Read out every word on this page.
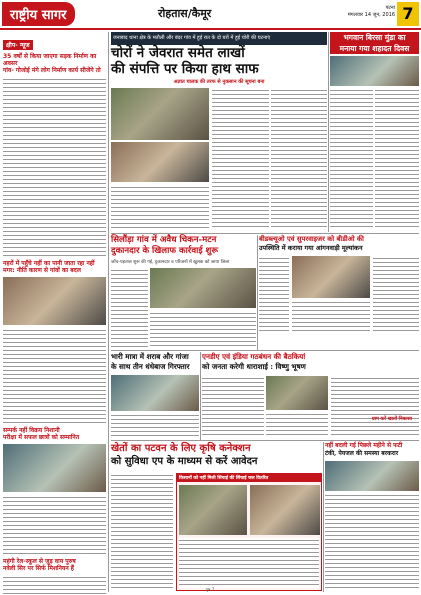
राष्ट्रीय सागर	रोहतास/कैमूर	पटना
मंगलवार 14 जून, 2016 7
क्षीप- न्यूज
35 वर्षों से किया जाएगा सड़क निर्माण का अवसर
गांव- गोजोई मंगे लोग निर्माण कार्य सीजेंगे तो
नहरों में पहुँचे नहीं का पानी जाता रहा नहीं
मगर: नीति कारण से गांवों का बदल
सम्पर्क नहीं विक्रय निशानी
परीक्षा में सफल छात्रों को सम्मानित
महंगी रेल-स्कूल से जुड़ वाय पुरुष
नवेली सिर पर सिर्फ मिशनियन हैं
जनाबाद थाना क्षेत्र के मतौली और बंदर गांव में हुई रात के दो घरों में हुई चोरी की घटनाएं
चोरों ने जेवरात समेत लाखों
की संपत्ति पर किया हाथ साफ
अज्ञात चालक की तरफ से नुकसान की सूचना बना
भगवान बिरसा मुंडा का
मनाया गया शहादत दिवस
सिलौंड़ा गांव में अवैध चिकन-मटन
दुकानदार के खिलाफ कार्रवाई शुरू
जाँच-पड़ताल शुरू की गई, दुकानदार व परिजनों में खुलक को जाया जिला
बीडब्ल्यूओ एवं सुपरवाइजर को बीडीओ की
उपस्थिति में कराया गया आंगनवाड़ी मूल्यांकन
भारी मात्रा में शराब और गांजा
के साथ तीन धंधेबाज गिरफ्तार
एनडीए एवं इंडिया गठबंधन की बैठकियां
को जनता करेगी धाराशाई : विष्णु भूषण
खेतों का पटवन के लिए कृषि कनेक्शन
को सुविधा एप के माध्यम से करें आवेदन
किसानों को नहीं मिली सिंचाई की सिंचाई जल वितरित
नहीं बदली गई पिछले महीने से फटी
टंकी, पेयजल की समस्या बरकरार
ग्राम करें खातों निकासा
पृष्ठ 7
